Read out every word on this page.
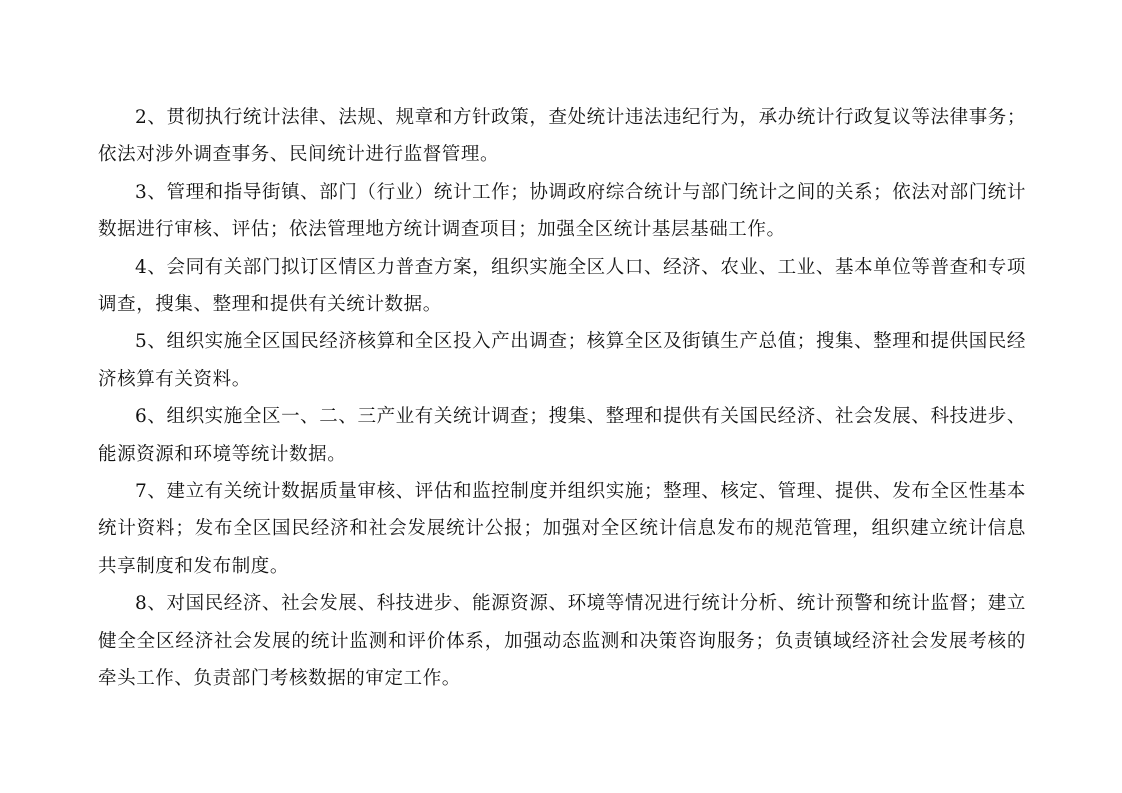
2、贯彻执行统计法律、法规、规章和方针政策，查处统计违法违纪行为，承办统计行政复议等法律事务；依法对涉外调查事务、民间统计进行监督管理。

3、管理和指导街镇、部门（行业）统计工作；协调政府综合统计与部门统计之间的关系；依法对部门统计数据进行审核、评估；依法管理地方统计调查项目；加强全区统计基层基础工作。

4、会同有关部门拟订区情区力普查方案，组织实施全区人口、经济、农业、工业、基本单位等普查和专项调查，搜集、整理和提供有关统计数据。

5、组织实施全区国民经济核算和全区投入产出调查；核算全区及街镇生产总值；搜集、整理和提供国民经济核算有关资料。

6、组织实施全区一、二、三产业有关统计调查；搜集、整理和提供有关国民经济、社会发展、科技进步、能源资源和环境等统计数据。

7、建立有关统计数据质量审核、评估和监控制度并组织实施；整理、核定、管理、提供、发布全区性基本统计资料；发布全区国民经济和社会发展统计公报；加强对全区统计信息发布的规范管理，组织建立统计信息共享制度和发布制度。

8、对国民经济、社会发展、科技进步、能源资源、环境等情况进行统计分析、统计预警和统计监督；建立健全全区经济社会发展的统计监测和评价体系，加强动态监测和决策咨询服务；负责镇域经济社会发展考核的牵头工作、负责部门考核数据的审定工作。
